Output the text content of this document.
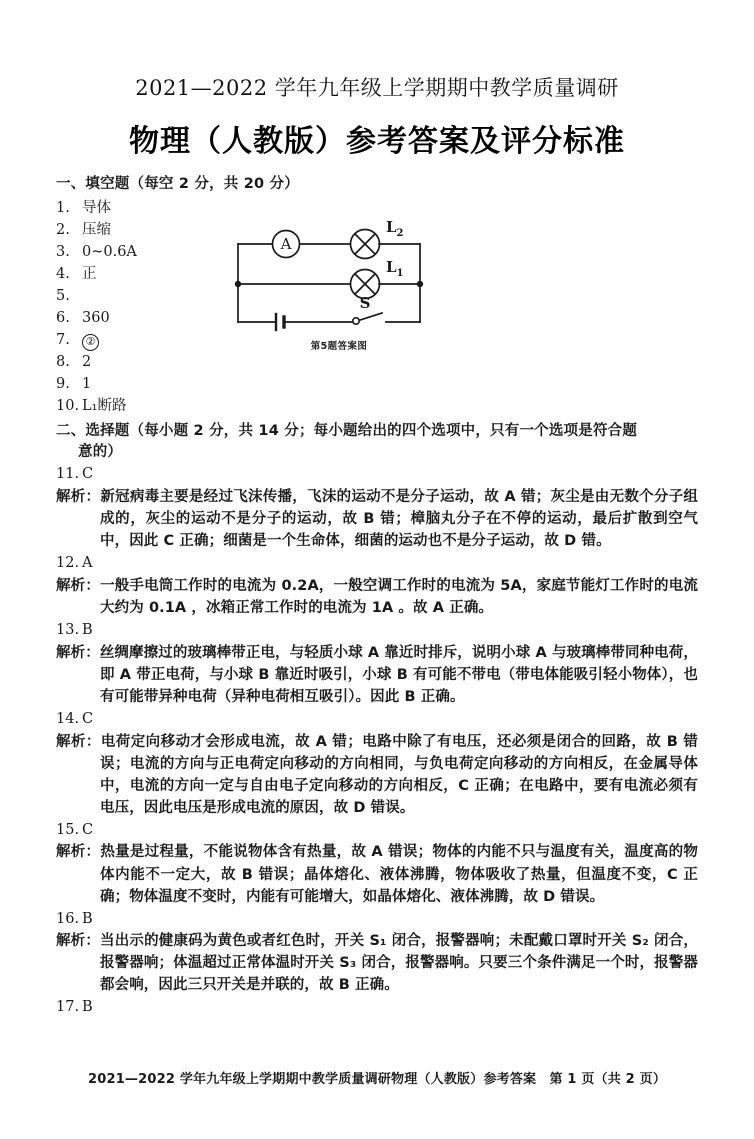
2021—2022 学年九年级上学期期中教学质量调研
物理（人教版）参考答案及评分标准
一、填空题（每空 2 分，共 20 分）
1. 导体
2. 压缩
3. 0~0.6A
4. 正
5.
6. 360
7. ②
8. 2
9. 1
10. L₁断路
A
$L_2$
$L_1$
S
第5题答案图
二、选择题（每小题 2 分，共 14 分；每小题给出的四个选项中，只有一个选项是符合题
意的）
11. C
解析：新冠病毒主要是经过飞沫传播，飞沫的运动不是分子运动，故 A 错；灰尘是由无数个分子组成的，灰尘的运动不是分子的运动，故 B 错；樟脑丸分子在不停的运动，最后扩散到空气中，因此 C 正确；细菌是一个生命体，细菌的运动也不是分子运动，故 D 错。
12. A
解析：一般手电筒工作时的电流为 0.2A，一般空调工作时的电流为 5A，家庭节能灯工作时的电流大约为 0.1A ，冰箱正常工作时的电流为 1A 。故 A 正确。
13. B
解析：丝绸摩擦过的玻璃棒带正电，与轻质小球 A 靠近时排斥，说明小球 A 与玻璃棒带同种电荷，即 A 带正电荷，与小球 B 靠近时吸引，小球 B 有可能不带电（带电体能吸引轻小物体），也有可能带异种电荷（异种电荷相互吸引）。因此 B 正确。
14. C
解析：电荷定向移动才会形成电流，故 A 错；电路中除了有电压，还必须是闭合的回路，故 B 错误；电流的方向与正电荷定向移动的方向相同，与负电荷定向移动的方向相反，在金属导体中，电流的方向一定与自由电子定向移动的方向相反，C 正确；在电路中，要有电流必须有电压，因此电压是形成电流的原因，故 D 错误。
15. C
解析：热量是过程量，不能说物体含有热量，故 A 错误；物体的内能不只与温度有关，温度高的物体内能不一定大，故 B 错误；晶体熔化、液体沸腾，物体吸收了热量，但温度不变，C 正确；物体温度不变时，内能有可能增大，如晶体熔化、液体沸腾，故 D 错误。
16. B
解析：当出示的健康码为黄色或者红色时，开关 S₁ 闭合，报警器响；未配戴口罩时开关 S₂ 闭合，报警器响；体温超过正常体温时开关 S₃ 闭合，报警器响。只要三个条件满足一个时，报警器都会响，因此三只开关是并联的，故 B 正确。
17. B
2021—2022 学年九年级上学期期中教学质量调研物理（人教版）参考答案　第 1 页（共 2 页）
